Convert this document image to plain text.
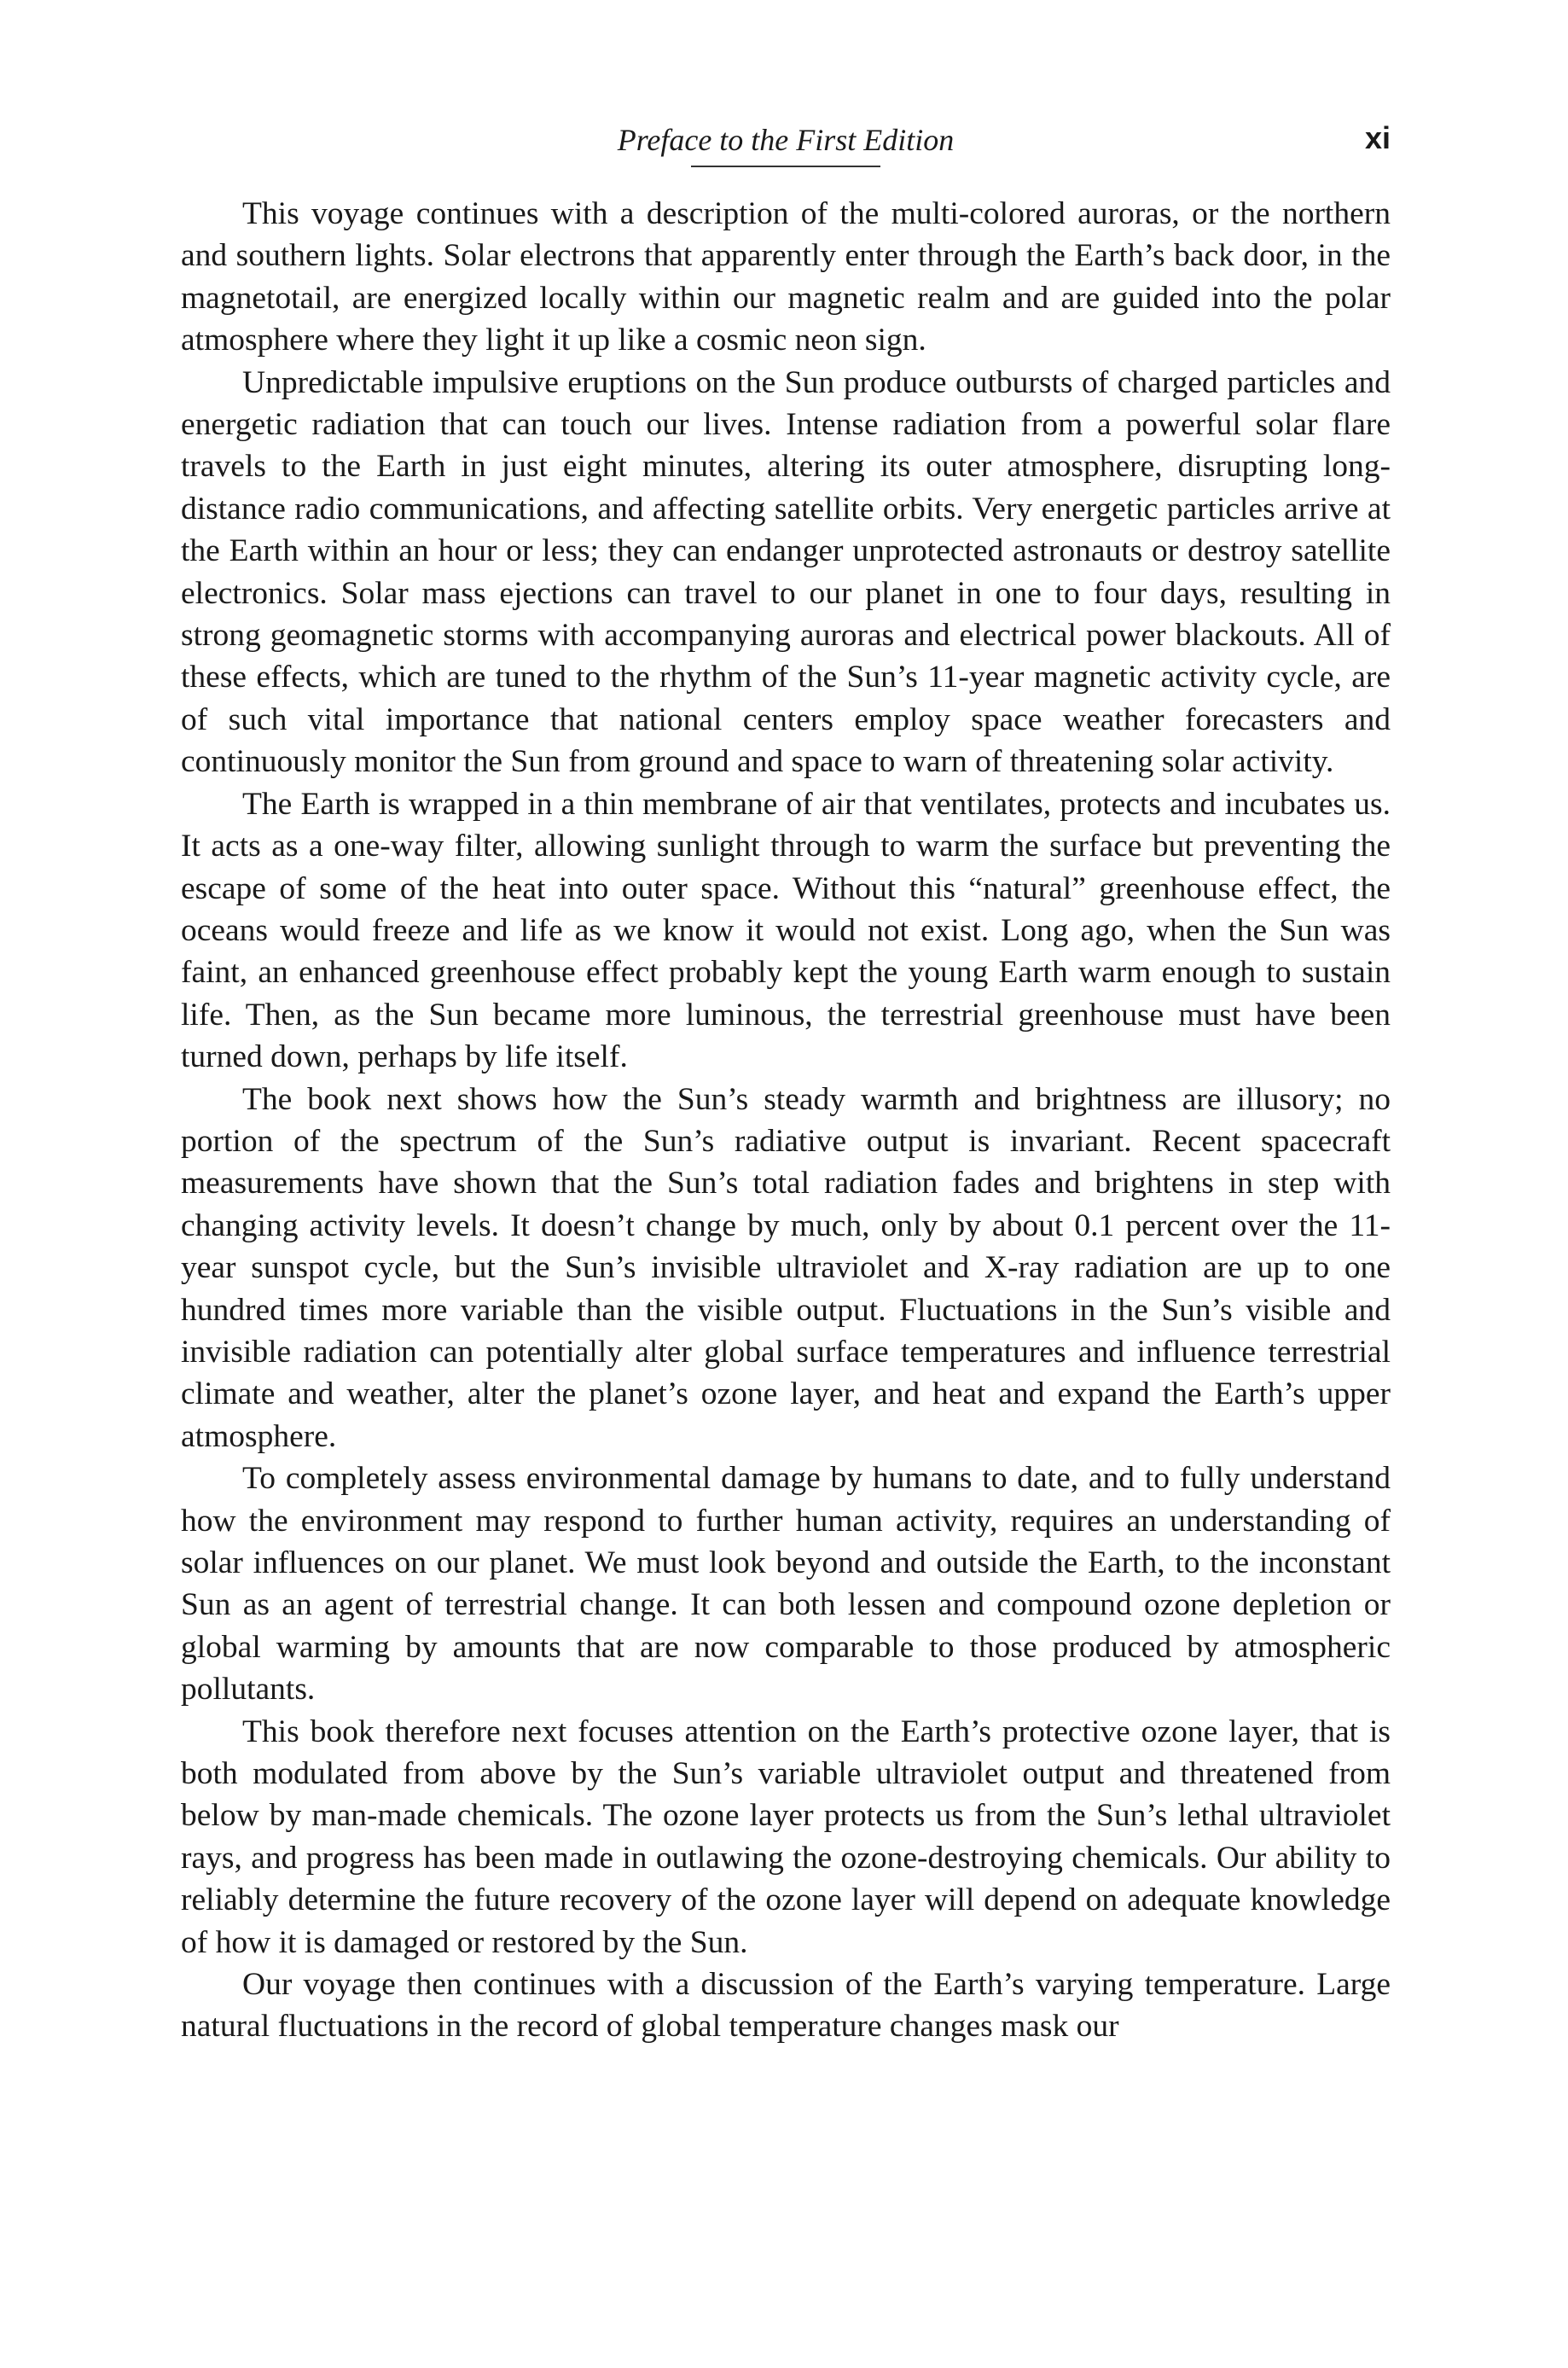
Preface to the First Edition	xi

This voyage continues with a description of the multi-colored auroras, or the northern and southern lights. Solar electrons that apparently enter through the Earth’s back door, in the magnetotail, are energized locally within our magnetic realm and are guided into the polar atmosphere where they light it up like a cosmic neon sign.

Unpredictable impulsive eruptions on the Sun produce outbursts of charged particles and energetic radiation that can touch our lives. Intense radiation from a powerful solar flare travels to the Earth in just eight minutes, altering its outer atmosphere, disrupting long-distance radio communications, and affecting satellite orbits. Very energetic particles arrive at the Earth within an hour or less; they can endanger unprotected astronauts or destroy satellite electronics. Solar mass ejections can travel to our planet in one to four days, resulting in strong geomagnetic storms with accompanying auroras and electrical power blackouts. All of these effects, which are tuned to the rhythm of the Sun’s 11-year magnetic activity cycle, are of such vital importance that national centers employ space weather forecasters and continuously monitor the Sun from ground and space to warn of threatening solar activity.

The Earth is wrapped in a thin membrane of air that ventilates, protects and incubates us. It acts as a one-way filter, allowing sunlight through to warm the surface but preventing the escape of some of the heat into outer space. Without this “natural” greenhouse effect, the oceans would freeze and life as we know it would not exist. Long ago, when the Sun was faint, an enhanced greenhouse effect probably kept the young Earth warm enough to sustain life. Then, as the Sun became more luminous, the terrestrial greenhouse must have been turned down, perhaps by life itself.

The book next shows how the Sun’s steady warmth and brightness are illusory; no portion of the spectrum of the Sun’s radiative output is invariant. Recent spacecraft measurements have shown that the Sun’s total radiation fades and brightens in step with changing activity levels. It doesn’t change by much, only by about 0.1 percent over the 11-year sunspot cycle, but the Sun’s invisible ultraviolet and X-ray radiation are up to one hundred times more variable than the visible output. Fluctuations in the Sun’s visible and invisible radiation can potentially alter global surface temperatures and influence terrestrial climate and weather, alter the planet’s ozone layer, and heat and expand the Earth’s upper atmosphere.

To completely assess environmental damage by humans to date, and to fully understand how the environment may respond to further human activity, requires an understanding of solar influences on our planet. We must look beyond and outside the Earth, to the inconstant Sun as an agent of terrestrial change. It can both lessen and compound ozone depletion or global warming by amounts that are now comparable to those produced by atmospheric pollutants.

This book therefore next focuses attention on the Earth’s protective ozone layer, that is both modulated from above by the Sun’s variable ultraviolet output and threatened from below by man-made chemicals. The ozone layer protects us from the Sun’s lethal ultraviolet rays, and progress has been made in outlawing the ozone-destroying chemicals. Our ability to reliably determine the future recovery of the ozone layer will depend on adequate knowledge of how it is damaged or restored by the Sun.

Our voyage then continues with a discussion of the Earth’s varying temperature. Large natural fluctuations in the record of global temperature changes mask our
